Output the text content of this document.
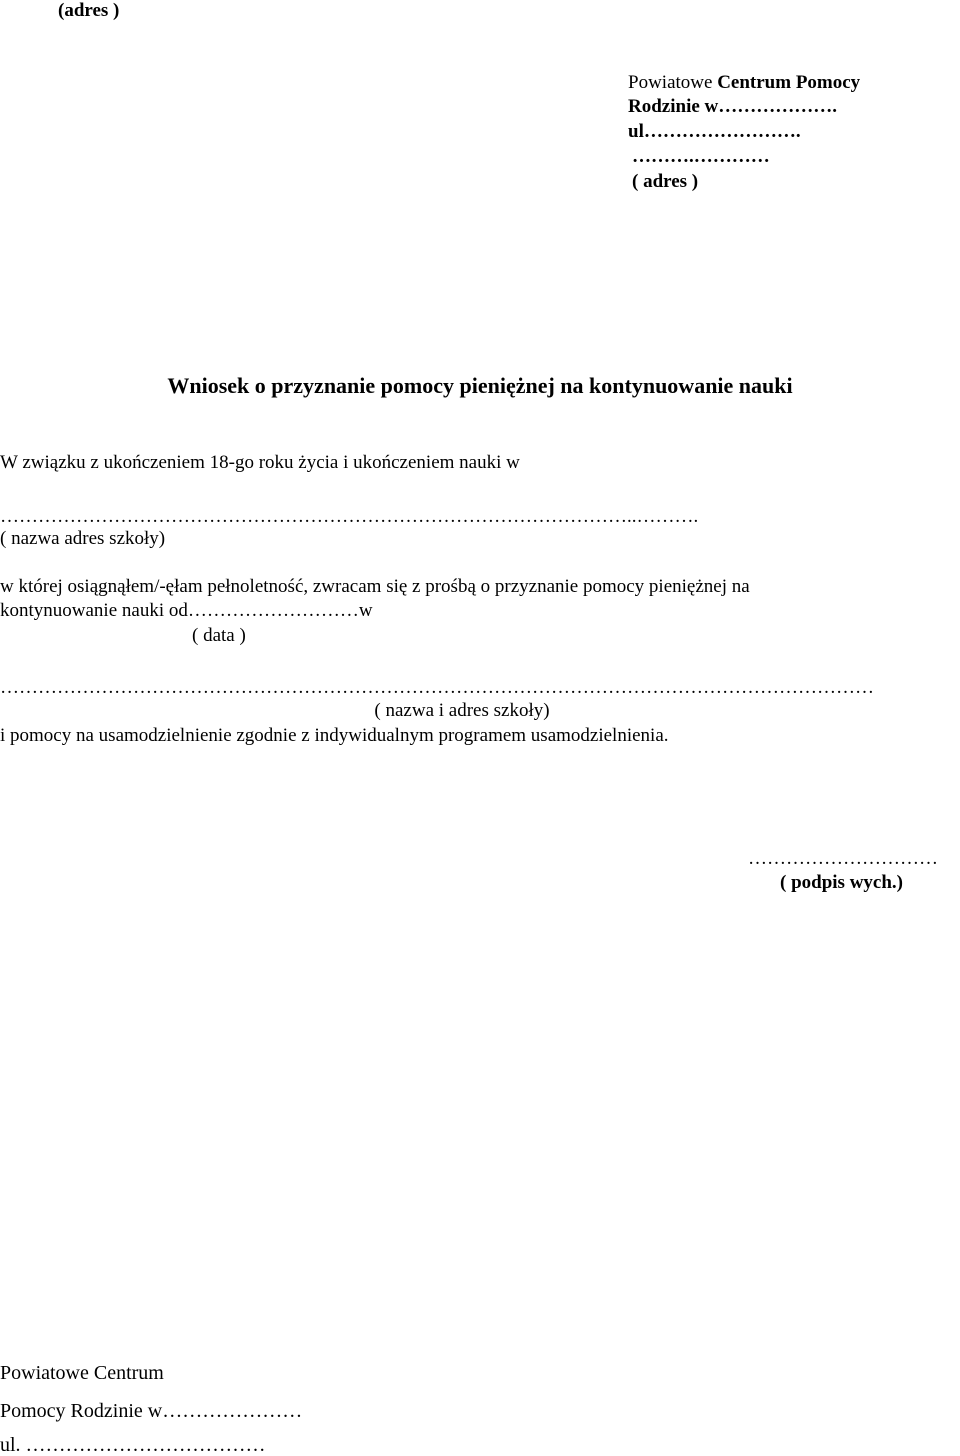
(adres )
Powiatowe Centrum Pomocy
Rodzinie w……………….
ul…………………….
……….…………
( adres )
Wniosek o przyznanie pomocy pieniężnej na kontynuowanie nauki
W związku z ukończeniem 18-go roku życia i ukończeniem nauki w
………………………………………………………………………………………..……….
( nazwa adres szkoły)
w której osiągnąłem/-ęłam pełnoletność, zwracam się z prośbą o przyznanie pomocy pieniężnej na
kontynuowanie nauki od………………………w
( data )
…………………………………………………………………………………………………………………………
( nazwa i adres szkoły)
i pomocy na usamodzielnienie zgodnie z indywidualnym programem usamodzielnienia.
…………………………
( podpis wych.)
Powiatowe Centrum
Pomocy Rodzinie w…………………
ul. ………………………………
